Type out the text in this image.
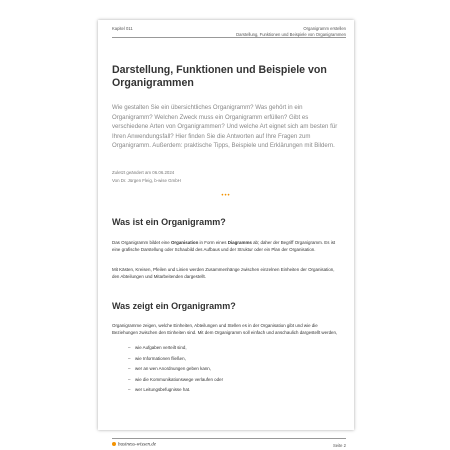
Kapitel 011	Organigramm erstellen
Darstellung, Funktionen und Beispiele von Organigrammen
Darstellung, Funktionen und Beispiele von Organigrammen

Wie gestalten Sie ein übersichtliches Organigramm? Was gehört in ein Organigramm? Welchen Zweck muss ein Organigramm erfüllen? Gibt es verschiedene Arten von Organigrammen? Und welche Art eignet sich am besten für Ihren Anwendungsfall? Hier finden Sie die Antworten auf Ihre Fragen zum Organigramm. Außerdem: praktische Tipps, Beispiele und Erklärungen mit Bildern.

Zuletzt geändert am 06.06.2024
Von Dr. Jürgen Fleig, b-wise GmbH
•••
Was ist ein Organigramm?

Das Organigramm bildet eine Organisation in Form eines Diagramms ab; daher der Begriff Organigramm. Es ist eine grafische Darstellung oder Schaubild des Aufbaus und der Struktur oder ein Plan der Organisation.

Mit Kästen, Kreisen, Pfeilen und Linien werden Zusammenhänge zwischen einzelnen Einheiten der Organisation, den Abteilungen und Mitarbeitenden dargestellt.

Was zeigt ein Organigramm?

Organigramme zeigen, welche Einheiten, Abteilungen und Stellen es in der Organisation gibt und wie die Beziehungen zwischen den Einheiten sind. Mit dem Organigramm soll einfach und anschaulich dargestellt werden,

– wie Aufgaben verteilt sind,
– wie Informationen fließen,
– wer an wen Anordnungen geben kann,
– wie die Kommunikationswege verlaufen oder
– wer Leitungsbefugnisse hat.
business-wissen.de	Seite 2
